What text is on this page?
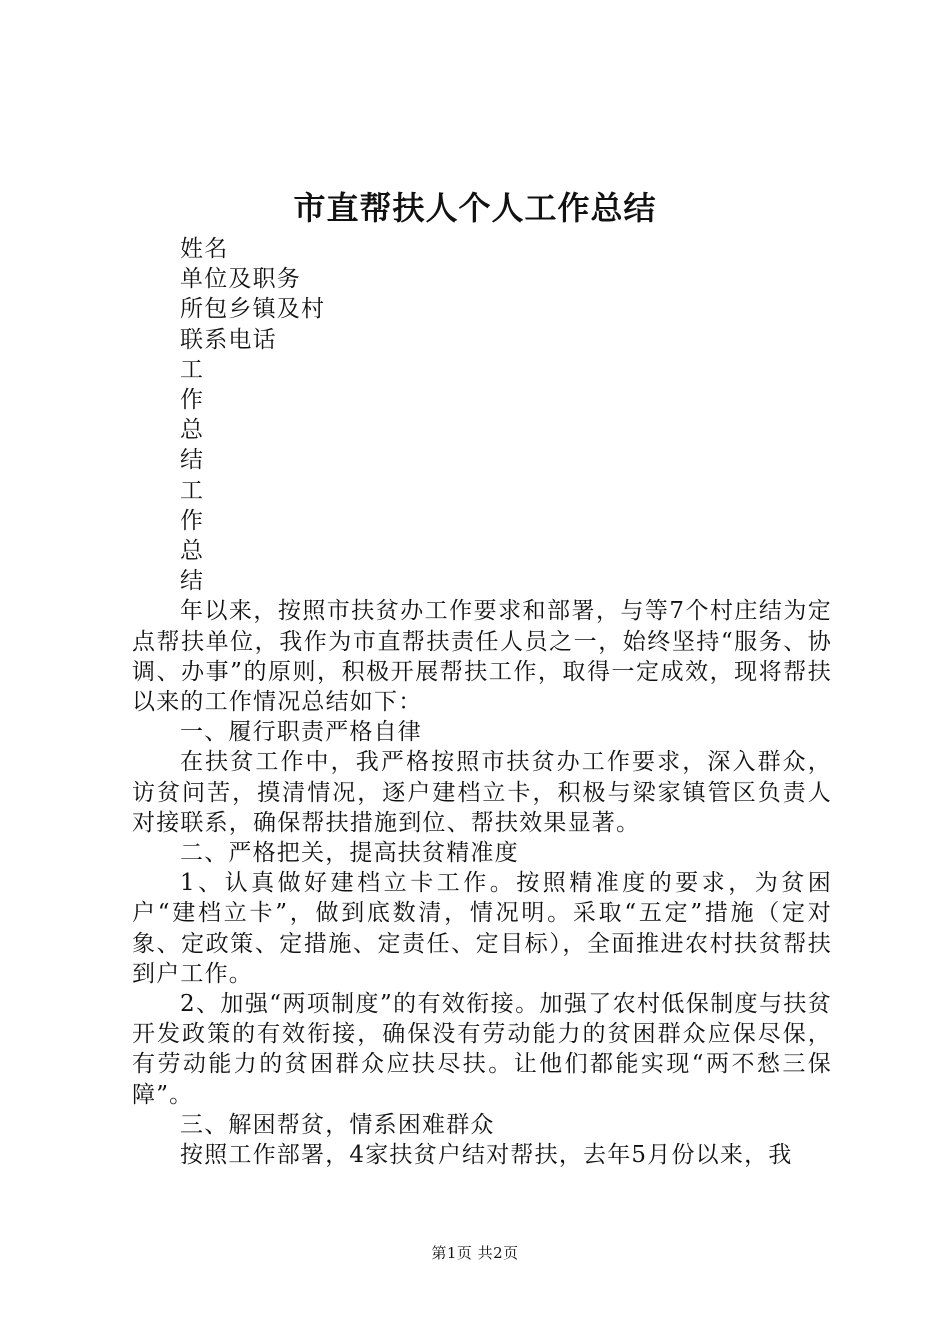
市直帮扶人个人工作总结
姓名
单位及职务
所包乡镇及村
联系电话
工
作
总
结
工
作
总
结

年以来，按照市扶贫办工作要求和部署，与等7个村庄结为定点帮扶单位，我作为市直帮扶责任人员之一，始终坚持“服务、协调、办事”的原则，积极开展帮扶工作，取得一定成效，现将帮扶以来的工作情况总结如下：

一、履行职责严格自律

在扶贫工作中，我严格按照市扶贫办工作要求，深入群众，访贫问苦，摸清情况，逐户建档立卡，积极与梁家镇管区负责人对接联系，确保帮扶措施到位、帮扶效果显著。

二、严格把关，提高扶贫精准度

1、认真做好建档立卡工作。按照精准度的要求，为贫困户“建档立卡”，做到底数清，情况明。采取“五定”措施（定对象、定政策、定措施、定责任、定目标），全面推进农村扶贫帮扶到户工作。

2、加强“两项制度”的有效衔接。加强了农村低保制度与扶贫开发政策的有效衔接，确保没有劳动能力的贫困群众应保尽保，有劳动能力的贫困群众应扶尽扶。让他们都能实现“两不愁三保障”。

三、解困帮贫，情系困难群众

按照工作部署，4家扶贫户结对帮扶，去年5月份以来，我

第1页 共2页
